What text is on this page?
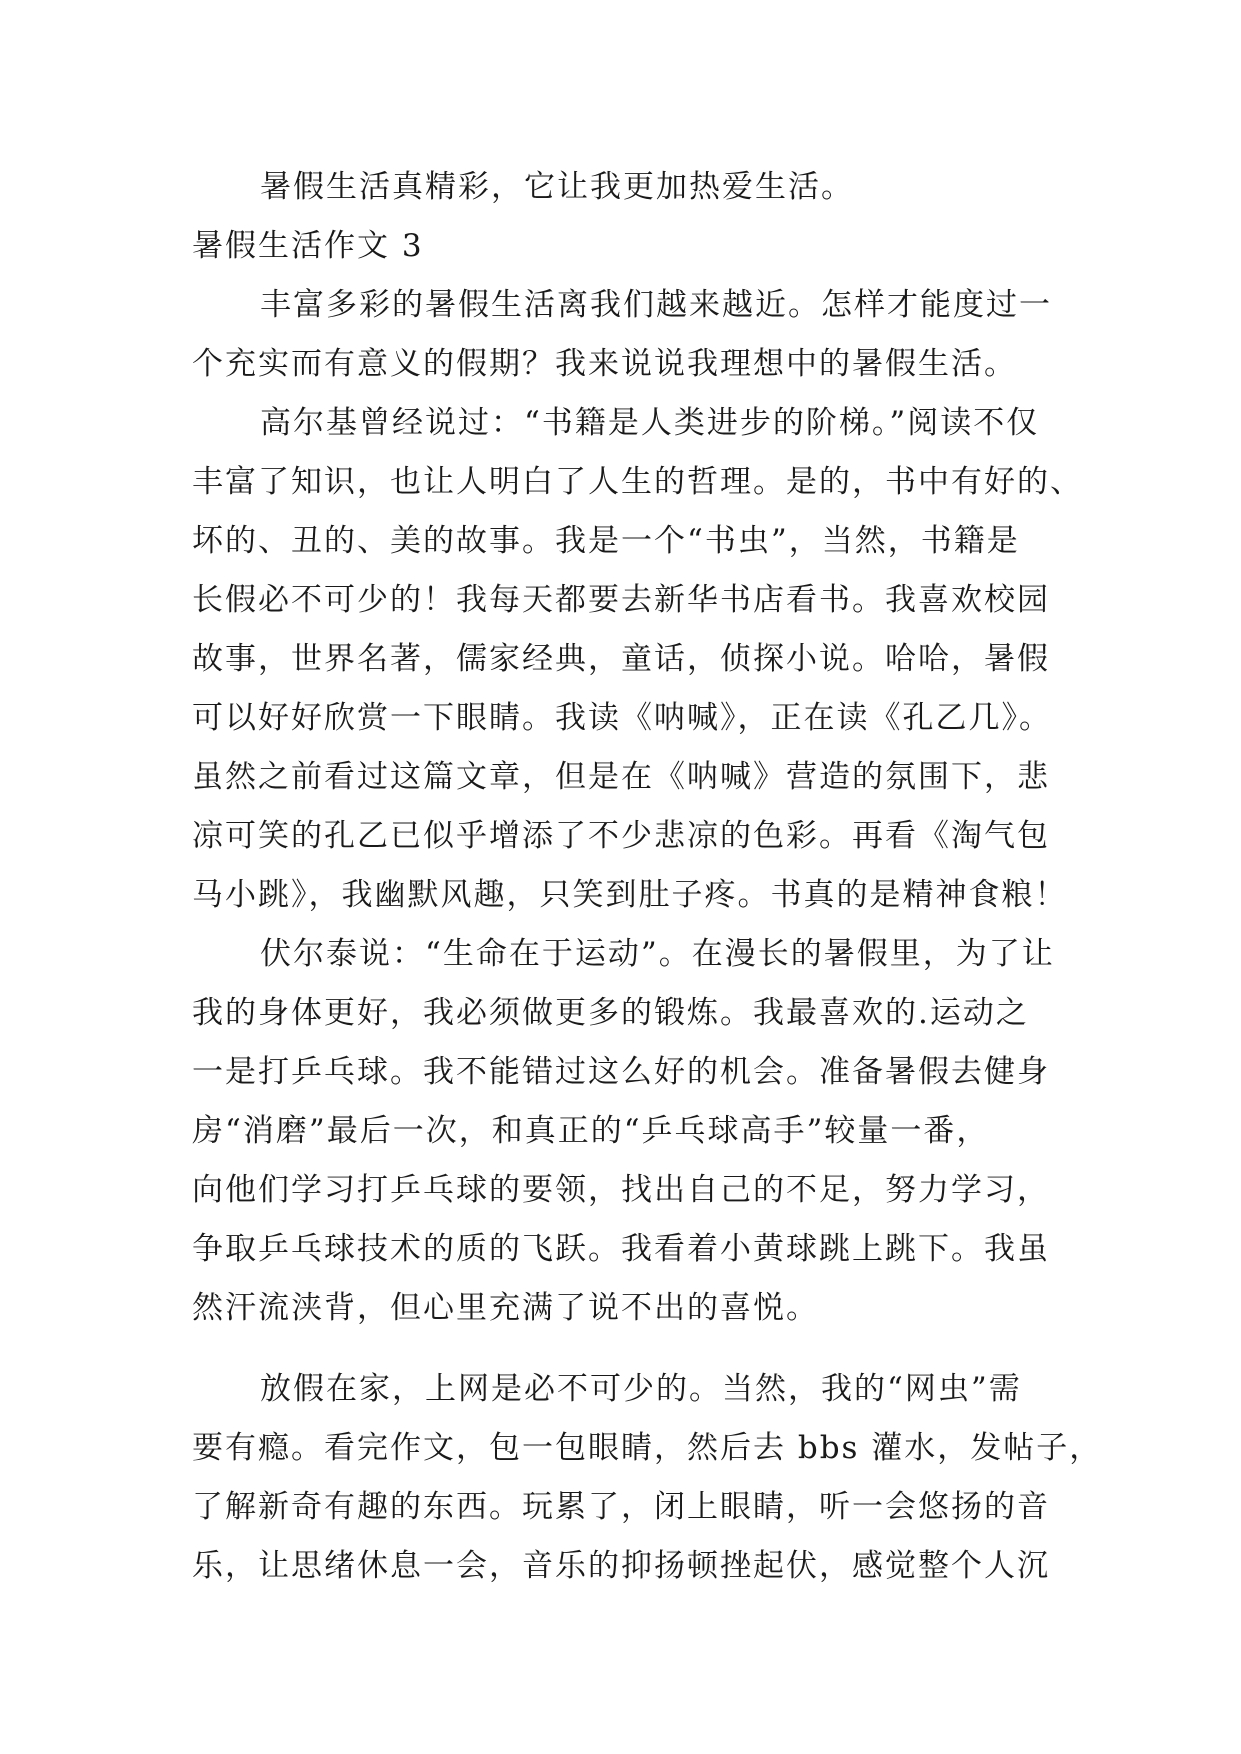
暑假生活真精彩，它让我更加热爱生活。
暑假生活作文 3
丰富多彩的暑假生活离我们越来越近。怎样才能度过一
个充实而有意义的假期？我来说说我理想中的暑假生活。
高尔基曾经说过：“书籍是人类进步的阶梯。”阅读不仅
丰富了知识，也让人明白了人生的哲理。是的，书中有好的、
坏的、丑的、美的故事。我是一个“书虫”，当然，书籍是
长假必不可少的！我每天都要去新华书店看书。我喜欢校园
故事，世界名著，儒家经典，童话，侦探小说。哈哈，暑假
可以好好欣赏一下眼睛。我读《呐喊》，正在读《孔乙几》。
虽然之前看过这篇文章，但是在《呐喊》营造的氛围下，悲
凉可笑的孔乙已似乎增添了不少悲凉的色彩。再看《淘气包
马小跳》，我幽默风趣，只笑到肚子疼。书真的是精神食粮！
伏尔泰说：“生命在于运动”。在漫长的暑假里，为了让
我的身体更好，我必须做更多的锻炼。我最喜欢的.运动之
一是打乒乓球。我不能错过这么好的机会。准备暑假去健身
房“消磨”最后一次，和真正的“乒乓球高手”较量一番，
向他们学习打乒乓球的要领，找出自己的不足，努力学习，
争取乒乓球技术的质的飞跃。我看着小黄球跳上跳下。我虽
然汗流浃背，但心里充满了说不出的喜悦。
放假在家，上网是必不可少的。当然，我的“网虫”需
要有瘾。看完作文，包一包眼睛，然后去 bbs 灌水，发帖子，
了解新奇有趣的东西。玩累了，闭上眼睛，听一会悠扬的音
乐，让思绪休息一会，音乐的抑扬顿挫起伏，感觉整个人沉
